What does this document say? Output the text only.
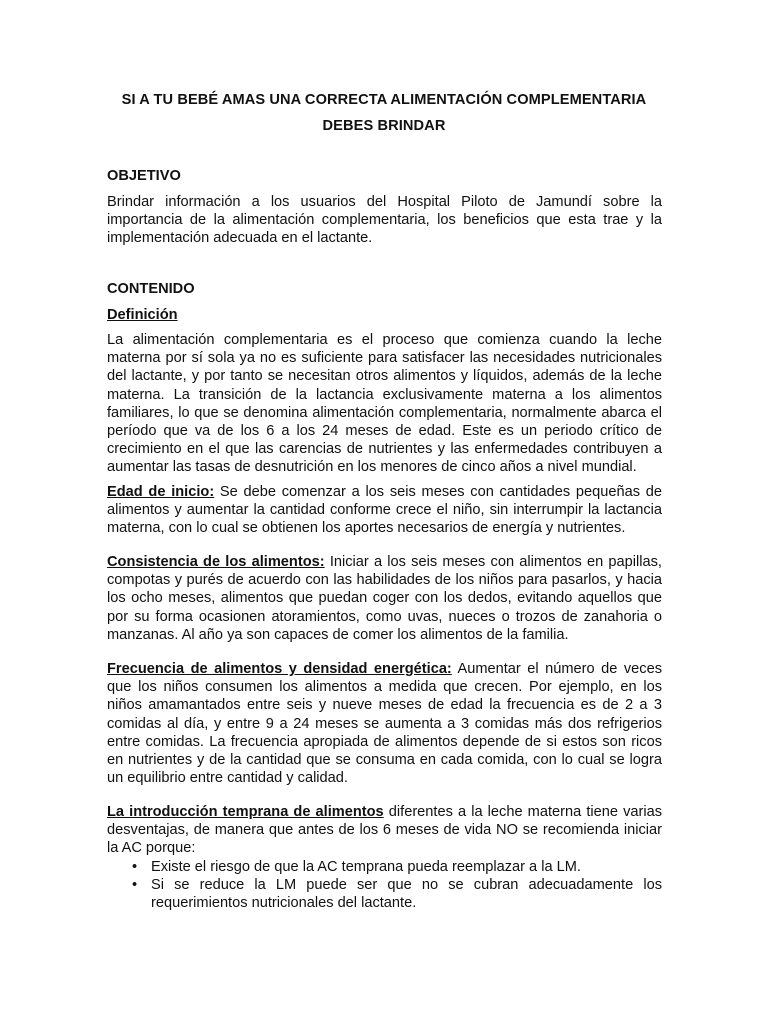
SI A TU BEBÉ AMAS UNA CORRECTA ALIMENTACIÓN COMPLEMENTARIA
DEBES BRINDAR
OBJETIVO
Brindar información a los usuarios del Hospital Piloto de Jamundí sobre la importancia de la alimentación complementaria, los beneficios que esta trae y la implementación adecuada en el lactante.
CONTENIDO
Definición
La alimentación complementaria es el proceso que comienza cuando la leche materna por sí sola ya no es suficiente para satisfacer las necesidades nutricionales del lactante, y por tanto se necesitan otros alimentos y líquidos, además de la leche materna. La transición de la lactancia exclusivamente materna a los alimentos familiares, lo que se denomina alimentación complementaria, normalmente abarca el período que va de los 6 a los 24 meses de edad. Este es un periodo crítico de crecimiento en el que las carencias de nutrientes y las enfermedades contribuyen a aumentar las tasas de desnutrición en los menores de cinco años a nivel mundial.
Edad de inicio: Se debe comenzar a los seis meses con cantidades pequeñas de alimentos y aumentar la cantidad conforme crece el niño, sin interrumpir la lactancia materna, con lo cual se obtienen los aportes necesarios de energía y nutrientes.
Consistencia de los alimentos: Iniciar a los seis meses con alimentos en papillas, compotas y purés de acuerdo con las habilidades de los niños para pasarlos, y hacia los ocho meses, alimentos que puedan coger con los dedos, evitando aquellos que por su forma ocasionen atoramientos, como uvas, nueces o trozos de zanahoria o manzanas. Al año ya son capaces de comer los alimentos de la familia.
Frecuencia de alimentos y densidad energética: Aumentar el número de veces que los niños consumen los alimentos a medida que crecen. Por ejemplo, en los niños amamantados entre seis y nueve meses de edad la frecuencia es de 2 a 3 comidas al día, y entre 9 a 24 meses se aumenta a 3 comidas más dos refrigerios entre comidas. La frecuencia apropiada de alimentos depende de si estos son ricos en nutrientes y de la cantidad que se consuma en cada comida, con lo cual se logra un equilibrio entre cantidad y calidad.
La introducción temprana de alimentos diferentes a la leche materna tiene varias desventajas, de manera que antes de los 6 meses de vida NO se recomienda iniciar la AC porque:
• Existe el riesgo de que la AC temprana pueda reemplazar a la LM.
• Si se reduce la LM puede ser que no se cubran adecuadamente los requerimientos nutricionales del lactante.
